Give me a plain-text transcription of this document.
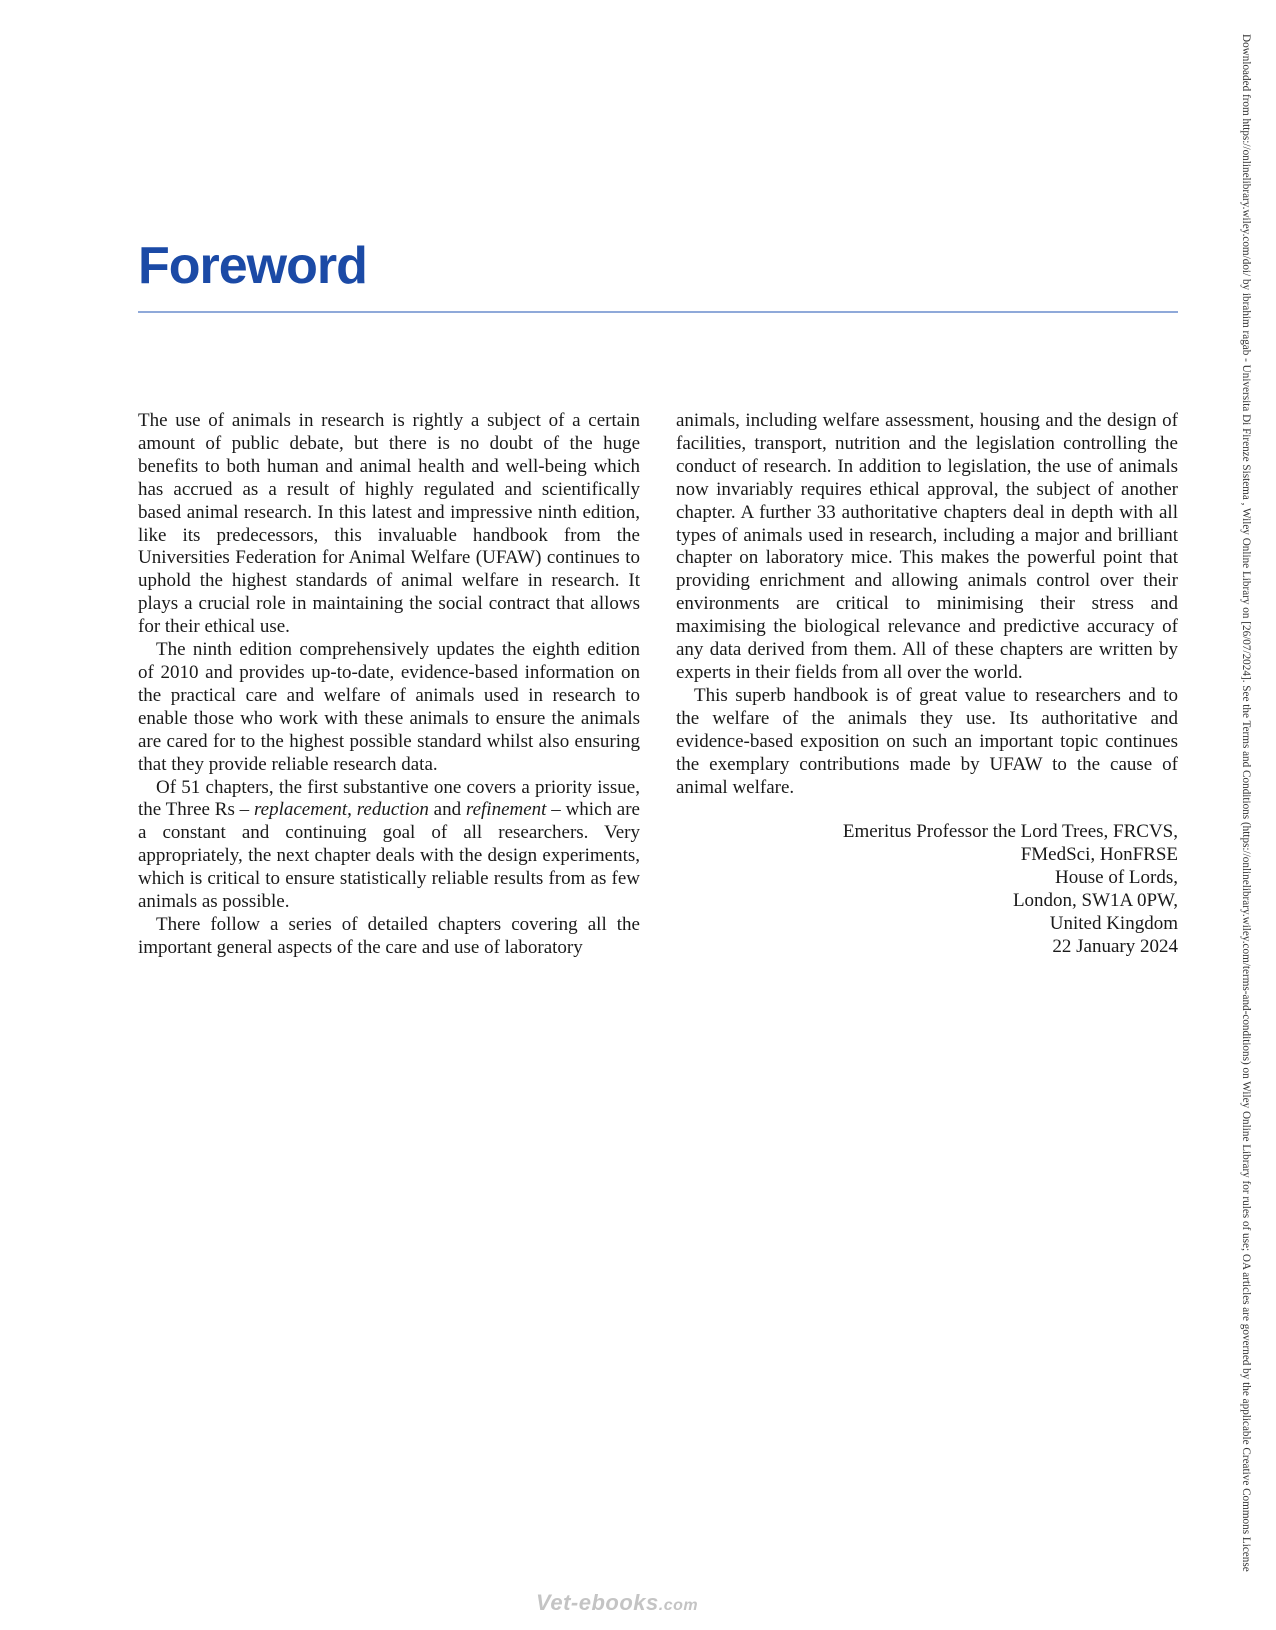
Foreword

The use of animals in research is rightly a subject of a certain amount of public debate, but there is no doubt of the huge benefits to both human and animal health and well-being which has accrued as a result of highly regulated and scientifically based animal research. In this latest and impressive ninth edition, like its predecessors, this invaluable handbook from the Universities Federation for Animal Welfare (UFAW) continues to uphold the highest standards of animal welfare in research. It plays a crucial role in maintaining the social contract that allows for their ethical use.

The ninth edition comprehensively updates the eighth edition of 2010 and provides up-to-date, evidence-based information on the practical care and welfare of animals used in research to enable those who work with these animals to ensure the animals are cared for to the highest possible standard whilst also ensuring that they provide reliable research data.

Of 51 chapters, the first substantive one covers a priority issue, the Three Rs – replacement, reduction and refinement – which are a constant and continuing goal of all researchers. Very appropriately, the next chapter deals with the design experiments, which is critical to ensure statistically reliable results from as few animals as possible.

There follow a series of detailed chapters covering all the important general aspects of the care and use of laboratory

animals, including welfare assessment, housing and the design of facilities, transport, nutrition and the legislation controlling the conduct of research. In addition to legislation, the use of animals now invariably requires ethical approval, the subject of another chapter. A further 33 authoritative chapters deal in depth with all types of animals used in research, including a major and brilliant chapter on laboratory mice. This makes the powerful point that providing enrichment and allowing animals control over their environments are critical to minimising their stress and maximising the biological relevance and predictive accuracy of any data derived from them. All of these chapters are written by experts in their fields from all over the world.

This superb handbook is of great value to researchers and to the welfare of the animals they use. Its authoritative and evidence-based exposition on such an important topic continues the exemplary contributions made by UFAW to the cause of animal welfare.

Emeritus Professor the Lord Trees, FRCVS,
FMedSci, HonFRSE
House of Lords,
London, SW1A 0PW,
United Kingdom
22 January 2024	Downloaded from https://onlinelibrary.wiley.com/doi/ by ibrahim ragab - Universita Di Firenze Sistema , Wiley Online Library on [26/07/2024]. See the Terms and Conditions (https://onlinelibrary.wiley.com/terms-and-conditions) on Wiley Online Library for rules of use; OA articles are governed by the applicable Creative Commons License
Vet-ebooks.com
